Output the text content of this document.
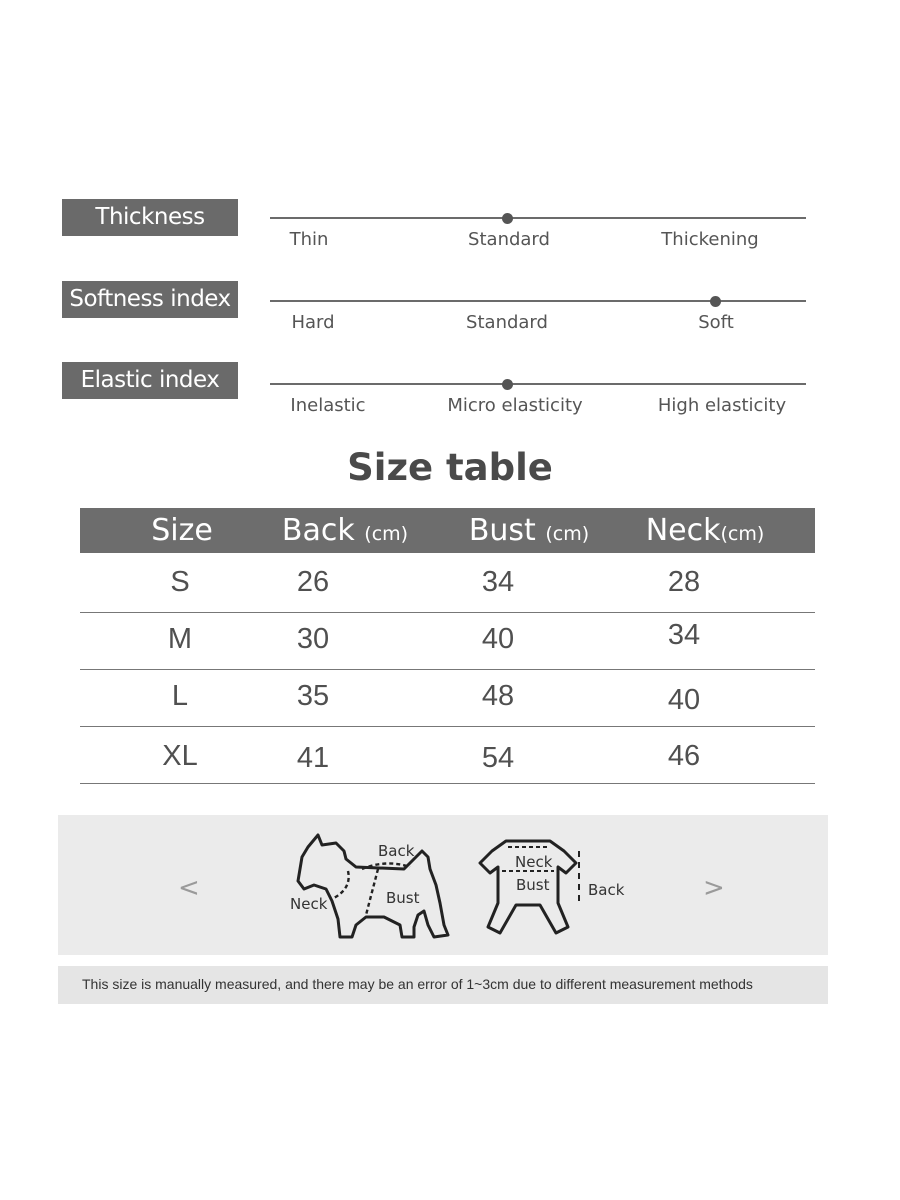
Thickness index
Thin	Standard	Thickening
Softness index
Hard	Standard	Soft
Elastic index
Inelastic	Micro elasticity	High elasticity
Size table
Size Back (cm) Bust (cm) Neck(cm)
S	26	34	28
M	30	40	34
L	35	48	40
XL	41	54	46
<	>
Back
Neck	Bust
Neck
Bust	Back
This size is manually measured, and there may be an error of 1~3cm due to different measurement methods
